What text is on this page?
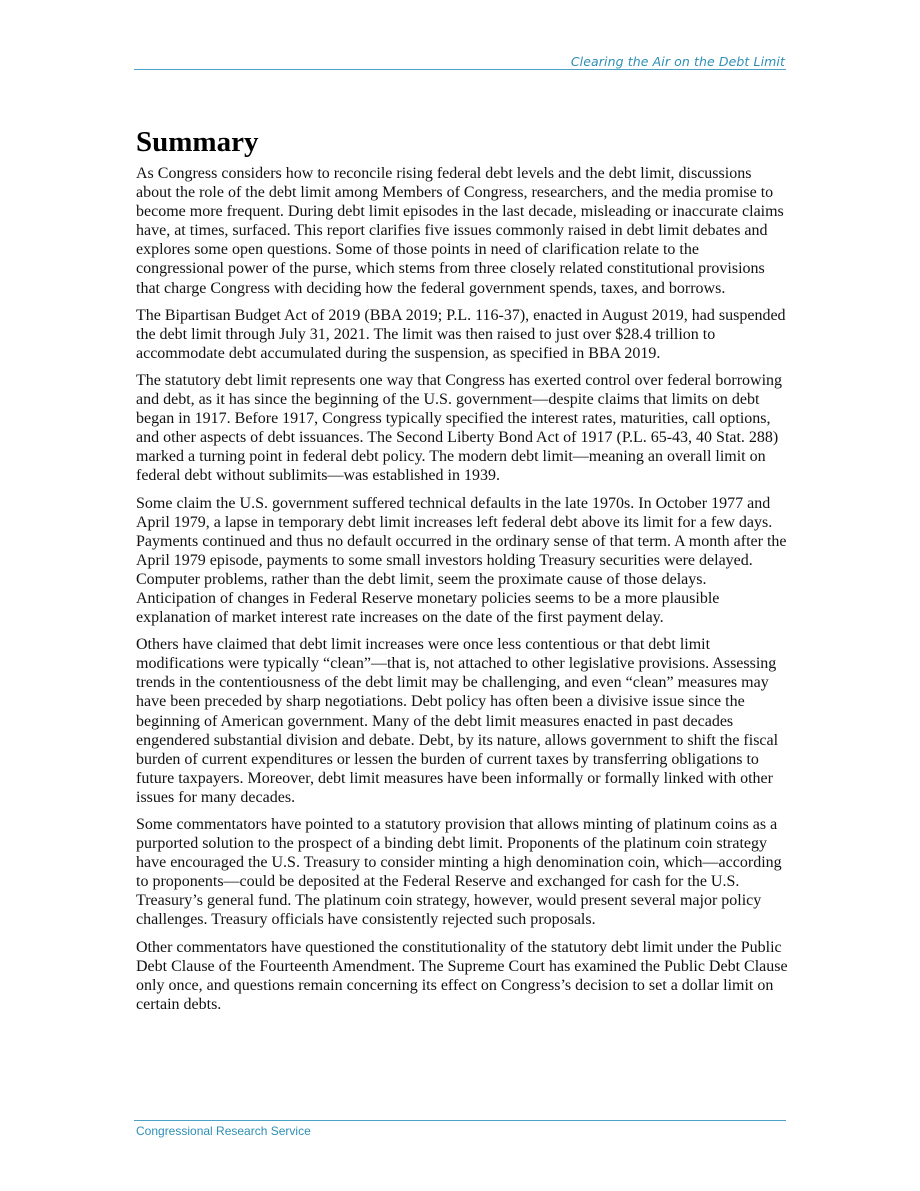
Clearing the Air on the Debt Limit
Summary

As Congress considers how to reconcile rising federal debt levels and the debt limit, discussions about the role of the debt limit among Members of Congress, researchers, and the media promise to become more frequent. During debt limit episodes in the last decade, misleading or inaccurate claims have, at times, surfaced. This report clarifies five issues commonly raised in debt limit debates and explores some open questions. Some of those points in need of clarification relate to the congressional power of the purse, which stems from three closely related constitutional provisions that charge Congress with deciding how the federal government spends, taxes, and borrows.

The Bipartisan Budget Act of 2019 (BBA 2019; P.L. 116-37), enacted in August 2019, had suspended the debt limit through July 31, 2021. The limit was then raised to just over $28.4 trillion to accommodate debt accumulated during the suspension, as specified in BBA 2019.

The statutory debt limit represents one way that Congress has exerted control over federal borrowing and debt, as it has since the beginning of the U.S. government—despite claims that limits on debt began in 1917. Before 1917, Congress typically specified the interest rates, maturities, call options, and other aspects of debt issuances. The Second Liberty Bond Act of 1917 (P.L. 65-43, 40 Stat. 288) marked a turning point in federal debt policy. The modern debt limit—meaning an overall limit on federal debt without sublimits—was established in 1939.

Some claim the U.S. government suffered technical defaults in the late 1970s. In October 1977 and April 1979, a lapse in temporary debt limit increases left federal debt above its limit for a few days. Payments continued and thus no default occurred in the ordinary sense of that term. A month after the April 1979 episode, payments to some small investors holding Treasury securities were delayed. Computer problems, rather than the debt limit, seem the proximate cause of those delays. Anticipation of changes in Federal Reserve monetary policies seems to be a more plausible explanation of market interest rate increases on the date of the first payment delay.

Others have claimed that debt limit increases were once less contentious or that debt limit modifications were typically “clean”—that is, not attached to other legislative provisions. Assessing trends in the contentiousness of the debt limit may be challenging, and even “clean” measures may have been preceded by sharp negotiations. Debt policy has often been a divisive issue since the beginning of American government. Many of the debt limit measures enacted in past decades engendered substantial division and debate. Debt, by its nature, allows government to shift the fiscal burden of current expenditures or lessen the burden of current taxes by transferring obligations to future taxpayers. Moreover, debt limit measures have been informally or formally linked with other issues for many decades.

Some commentators have pointed to a statutory provision that allows minting of platinum coins as a purported solution to the prospect of a binding debt limit. Proponents of the platinum coin strategy have encouraged the U.S. Treasury to consider minting a high denomination coin, which—according to proponents—could be deposited at the Federal Reserve and exchanged for cash for the U.S. Treasury’s general fund. The platinum coin strategy, however, would present several major policy challenges. Treasury officials have consistently rejected such proposals.

Other commentators have questioned the constitutionality of the statutory debt limit under the Public Debt Clause of the Fourteenth Amendment. The Supreme Court has examined the Public Debt Clause only once, and questions remain concerning its effect on Congress’s decision to set a dollar limit on certain debts.

Congressional Research Service
